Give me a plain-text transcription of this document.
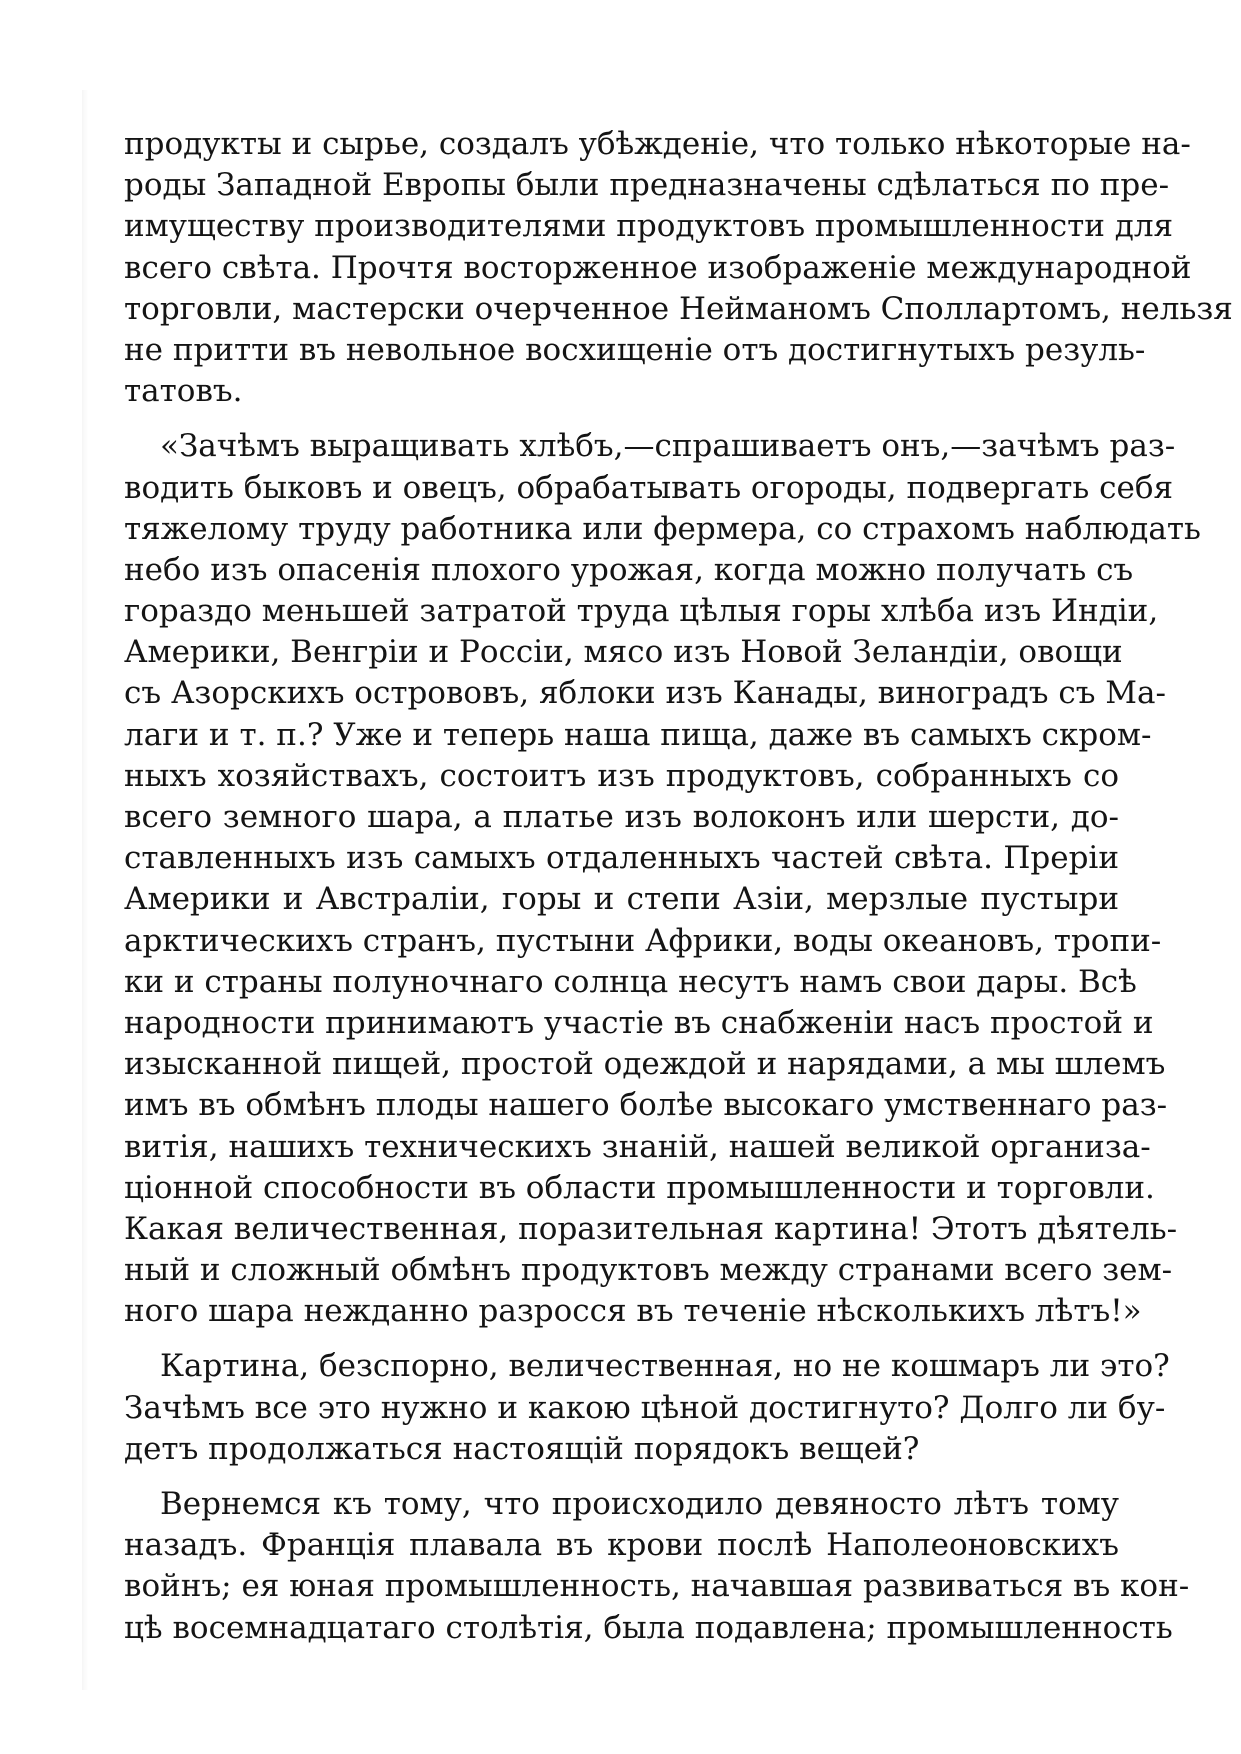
продукты и сырье, создалъ убѣжденіе, что только нѣкоторые на-
роды Западной Европы были предназначены сдѣлаться по пре-
имуществу производителями продуктовъ промышленности для
всего свѣта. Прочтя восторженное изображеніе международной
торговли, мастерски очерченное Нейманомъ Споллартомъ, нельзя
не притти въ невольное восхищеніе отъ достигнутыхъ резуль-
татовъ.
«Зачѣмъ выращивать хлѣбъ,—спрашиваетъ онъ,—зачѣмъ раз-
водить быковъ и овецъ, обрабатывать огороды, подвергать себя
тяжелому труду работника или фермера, со страхомъ наблюдать
небо изъ опасенія плохого урожая, когда можно получать съ
гораздо меньшей затратой труда цѣлыя горы хлѣба изъ Индіи,
Америки, Венгріи и Россіи, мясо изъ Новой Зеландіи, овощи
съ Азорскихъ острововъ, яблоки изъ Канады, виноградъ съ Ма-
лаги и т. п.? Уже и теперь наша пища, даже въ самыхъ скром-
ныхъ хозяйствахъ, состоитъ изъ продуктовъ, собранныхъ со
всего земного шара, а платье изъ волоконъ или шерсти, до-
ставленныхъ изъ самыхъ отдаленныхъ частей свѣта. Преріи
Америки и Австраліи, горы и степи Азіи, мерзлые пустыри
арктическихъ странъ, пустыни Африки, воды океановъ, тропи-
ки и страны полуночнаго солнца несутъ намъ свои дары. Всѣ
народности принимаютъ участіе въ снабженіи насъ простой и
изысканной пищей, простой одеждой и нарядами, а мы шлемъ
имъ въ обмѣнъ плоды нашего болѣе высокаго умственнаго раз-
витія, нашихъ техническихъ знаній, нашей великой организа-
ціонной способности въ области промышленности и торговли.
Какая величественная, поразительная картина! Этотъ дѣятель-
ный и сложный обмѣнъ продуктовъ между странами всего зем-
ного шара нежданно разросся въ теченіе нѣсколькихъ лѣтъ!»
Картина, безспорно, величественная, но не кошмаръ ли это?
Зачѣмъ все это нужно и какою цѣной достигнуто? Долго ли бу-
детъ продолжаться настоящій порядокъ вещей?
Вернемся къ тому, что происходило девяносто лѣтъ тому
назадъ. Франція плавала въ крови послѣ Наполеоновскихъ
войнъ; ея юная промышленность, начавшая развиваться въ кон-
цѣ восемнадцатаго столѣтія, была подавлена; промышленность
